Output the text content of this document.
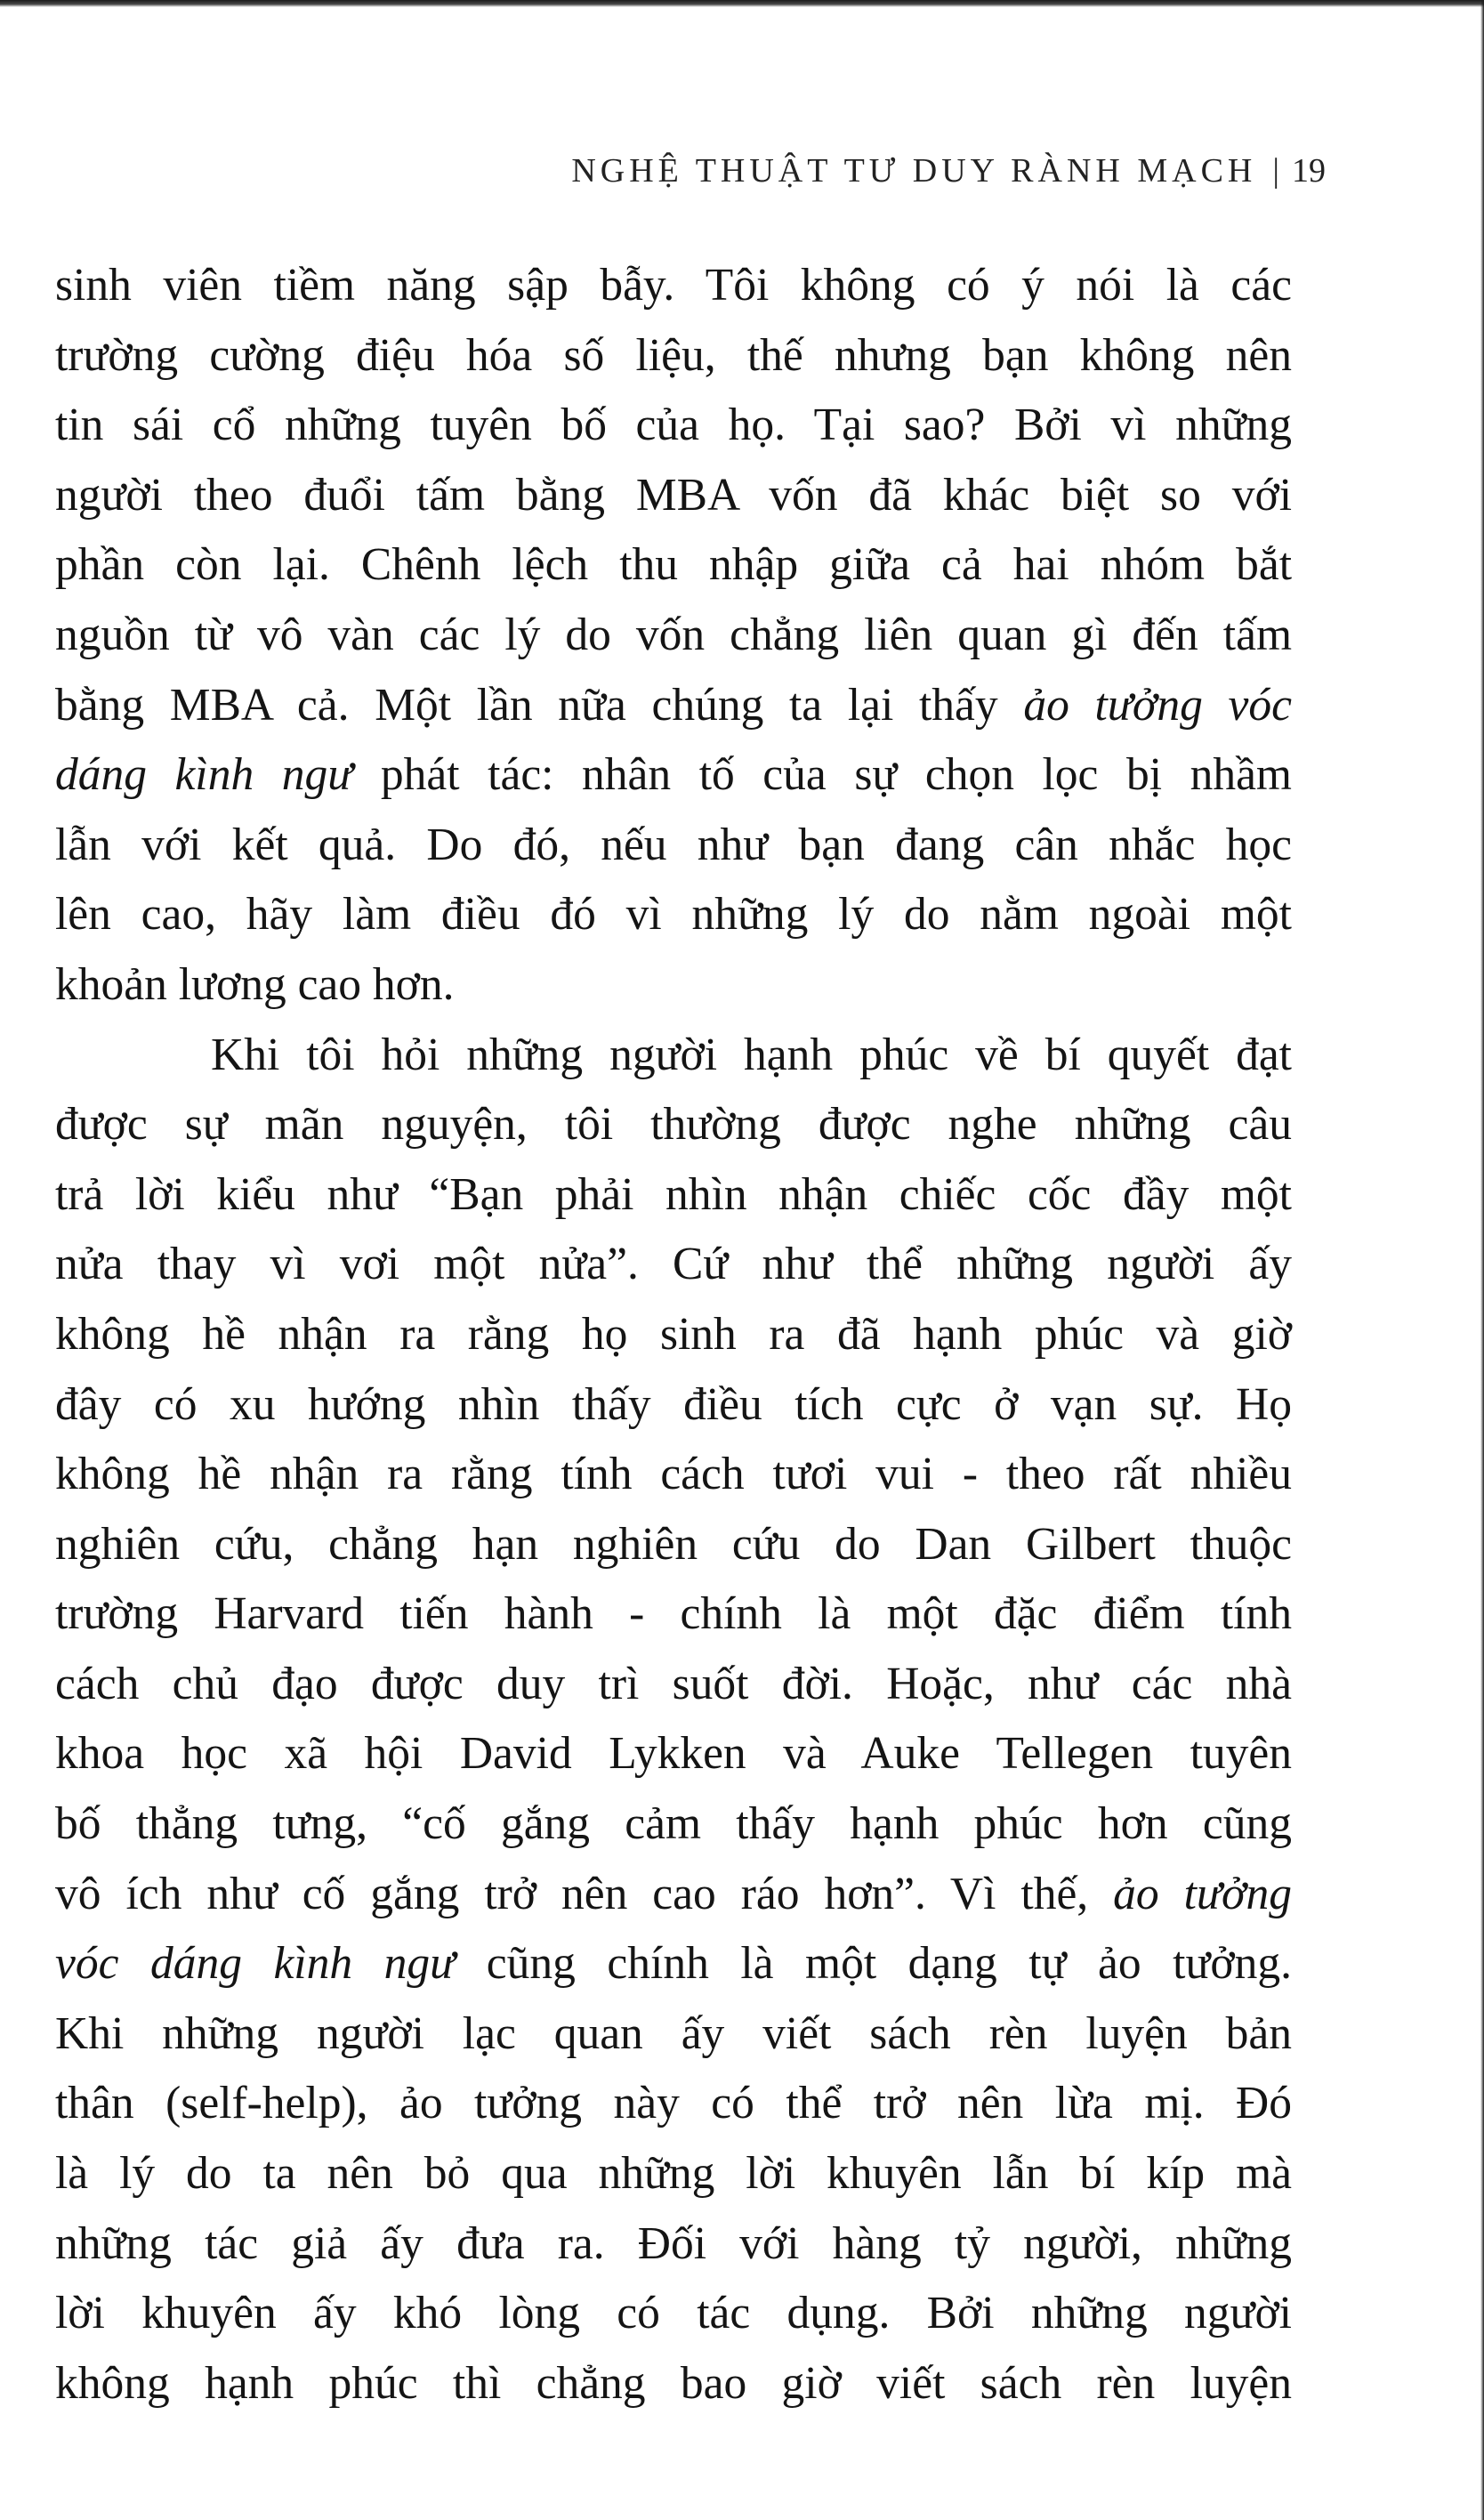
NGHỆ THUẬT TƯ DUY RÀNH MẠCH | 19
sinh viên tiềm năng sập bẫy. Tôi không có ý nói là các
trường cường điệu hóa số liệu, thế nhưng bạn không nên
tin sái cổ những tuyên bố của họ. Tại sao? Bởi vì những
người theo đuổi tấm bằng MBA vốn đã khác biệt so với
phần còn lại. Chênh lệch thu nhập giữa cả hai nhóm bắt
nguồn từ vô vàn các lý do vốn chẳng liên quan gì đến tấm
bằng MBA cả. Một lần nữa chúng ta lại thấy ảo tưởng vóc
dáng kình ngư phát tác: nhân tố của sự chọn lọc bị nhầm
lẫn với kết quả. Do đó, nếu như bạn đang cân nhắc học
lên cao, hãy làm điều đó vì những lý do nằm ngoài một
khoản lương cao hơn.
Khi tôi hỏi những người hạnh phúc về bí quyết đạt
được sự mãn nguyện, tôi thường được nghe những câu
trả lời kiểu như “Bạn phải nhìn nhận chiếc cốc đầy một
nửa thay vì vơi một nửa”. Cứ như thể những người ấy
không hề nhận ra rằng họ sinh ra đã hạnh phúc và giờ
đây có xu hướng nhìn thấy điều tích cực ở vạn sự. Họ
không hề nhận ra rằng tính cách tươi vui - theo rất nhiều
nghiên cứu, chẳng hạn nghiên cứu do Dan Gilbert thuộc
trường Harvard tiến hành - chính là một đặc điểm tính
cách chủ đạo được duy trì suốt đời. Hoặc, như các nhà
khoa học xã hội David Lykken và Auke Tellegen tuyên
bố thẳng tưng, “cố gắng cảm thấy hạnh phúc hơn cũng
vô ích như cố gắng trở nên cao ráo hơn”. Vì thế, ảo tưởng
vóc dáng kình ngư cũng chính là một dạng tự ảo tưởng.
Khi những người lạc quan ấy viết sách rèn luyện bản
thân (self-help), ảo tưởng này có thể trở nên lừa mị. Đó
là lý do ta nên bỏ qua những lời khuyên lẫn bí kíp mà
những tác giả ấy đưa ra. Đối với hàng tỷ người, những
lời khuyên ấy khó lòng có tác dụng. Bởi những người
không hạnh phúc thì chẳng bao giờ viết sách rèn luyện
